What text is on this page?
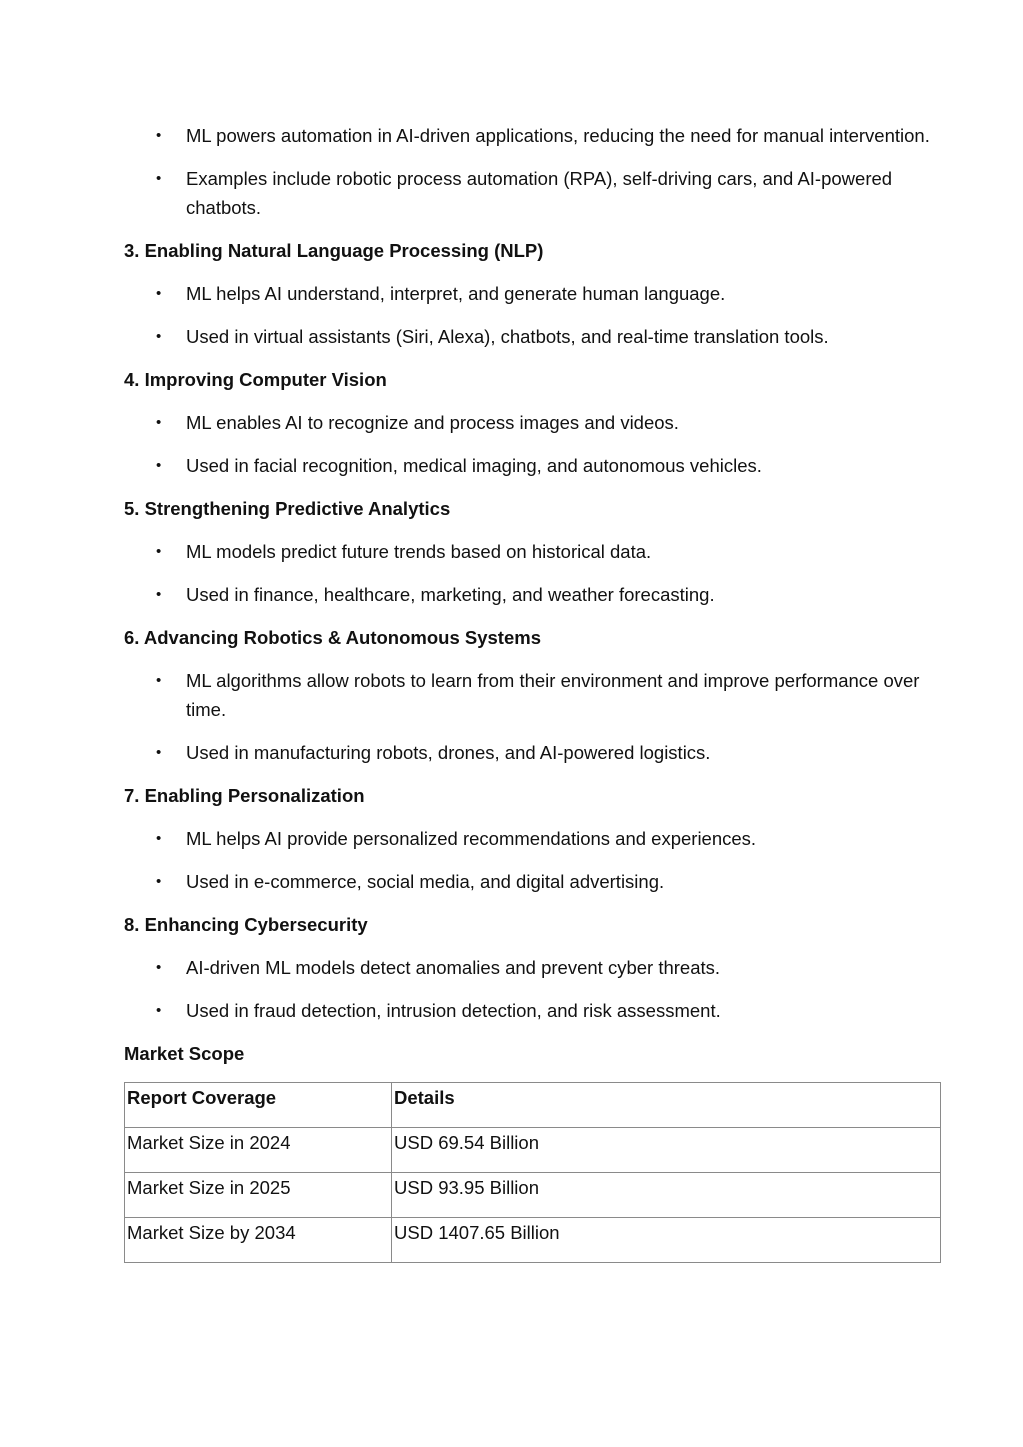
• ML powers automation in AI-driven applications, reducing the need for manual intervention.
• Examples include robotic process automation (RPA), self-driving cars, and AI-powered chatbots.

3. Enabling Natural Language Processing (NLP)

• ML helps AI understand, interpret, and generate human language.
• Used in virtual assistants (Siri, Alexa), chatbots, and real-time translation tools.

4. Improving Computer Vision

• ML enables AI to recognize and process images and videos.
• Used in facial recognition, medical imaging, and autonomous vehicles.

5. Strengthening Predictive Analytics

• ML models predict future trends based on historical data.
• Used in finance, healthcare, marketing, and weather forecasting.

6. Advancing Robotics & Autonomous Systems

• ML algorithms allow robots to learn from their environment and improve performance over time.
• Used in manufacturing robots, drones, and AI-powered logistics.

7. Enabling Personalization

• ML helps AI provide personalized recommendations and experiences.
• Used in e-commerce, social media, and digital advertising.

8. Enhancing Cybersecurity

• AI-driven ML models detect anomalies and prevent cyber threats.
• Used in fraud detection, intrusion detection, and risk assessment.

Market Scope

Report Coverage	Details
Market Size in 2024	USD 69.54 Billion
Market Size in 2025	USD 93.95 Billion
Market Size by 2034	USD 1407.65 Billion
